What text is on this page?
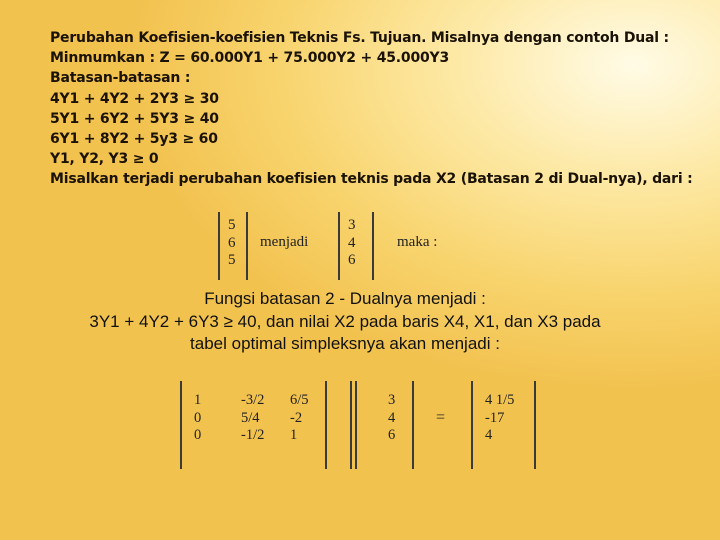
Perubahan Koefisien-koefisien Teknis Fs. Tujuan. Misalnya dengan contoh Dual :
Minmumkan : Z = 60.000Y1 + 75.000Y2 + 45.000Y3
Batasan-batasan :
4Y1 + 4Y2 + 2Y3 ≥ 30
5Y1 + 6Y2 + 5Y3 ≥ 40
6Y1 + 8Y2 + 5y3 ≥ 60
Y1, Y2, Y3 ≥ 0
Misalkan terjadi perubahan koefisien teknis pada X2 (Batasan 2 di Dual-nya), dari :
5
6
5
menjadi
3
4
6
maka :
Fungsi batasan 2 - Dualnya menjadi :
3Y1 + 4Y2 + 6Y3 ≥ 40, dan nilai X2 pada baris X4, X1, dan X3 pada
tabel optimal simpleksnya akan menjadi :
1
0
0
-3/2
5/4
-1/2
6/5
-2
1
3
4
6
=
4 1/5
-17
4
